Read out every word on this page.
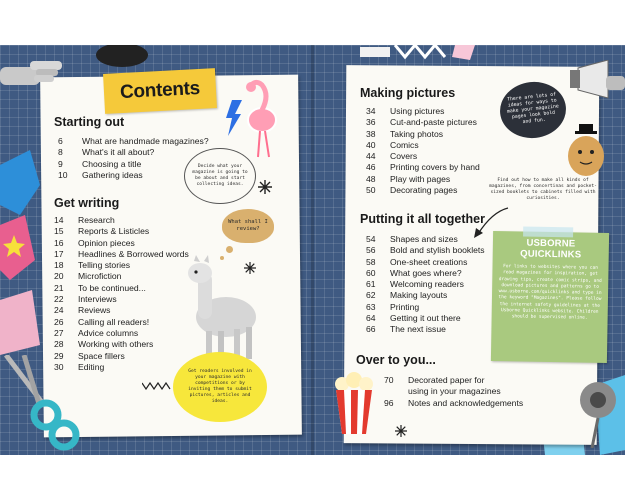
Contents
Starting out
6	What are handmade magazines?
8	What's it all about?
9	Choosing a title
10	Gathering ideas
Get writing
14	Research
15	Reports & Listicles
16	Opinion pieces
17	Headlines & Borrowed words
18	Telling stories
20	Microfiction
21	To be continued...
22	Interviews
24	Reviews
26	Calling all readers!
27	Advice columns
28	Working with others
29	Space fillers
30	Editing
Decide what your magazine is going to be about and start collecting ideas.
What shall I review?
Get readers involved in your magazine with competitions or by inviting them to submit pictures, articles and ideas.
Making pictures
34	Using pictures
36	Cut-and-paste pictures
38	Taking photos
40	Comics
44	Covers
46	Printing covers by hand
48	Play with pages
50	Decorating pages
Putting it all together
54	Shapes and sizes
56	Bold and stylish booklets
58	One-sheet creations
60	What goes where?
61	Welcoming readers
62	Making layouts
63	Printing
64	Getting it out there
66	The next issue
Over to you...
70	Decorated paper for
using in your magazines
96	Notes and acknowledgements
There are lots of ideas for ways to make your magazine pages look bold and fun.
Find out how to make all kinds of magazines, from concertinas and pocket-sized booklets to cabinets filled with curiosities.
USBORNE QUICKLINKS
For links to websites where you can read magazines for inspiration, get drawing tips, create comic strips, and download pictures and patterns go to www.usborne.com/quicklinks and type in the keyword "Magazines". Please follow the internet safety guidelines at the Usborne Quicklinks website. Children should be supervised online.
